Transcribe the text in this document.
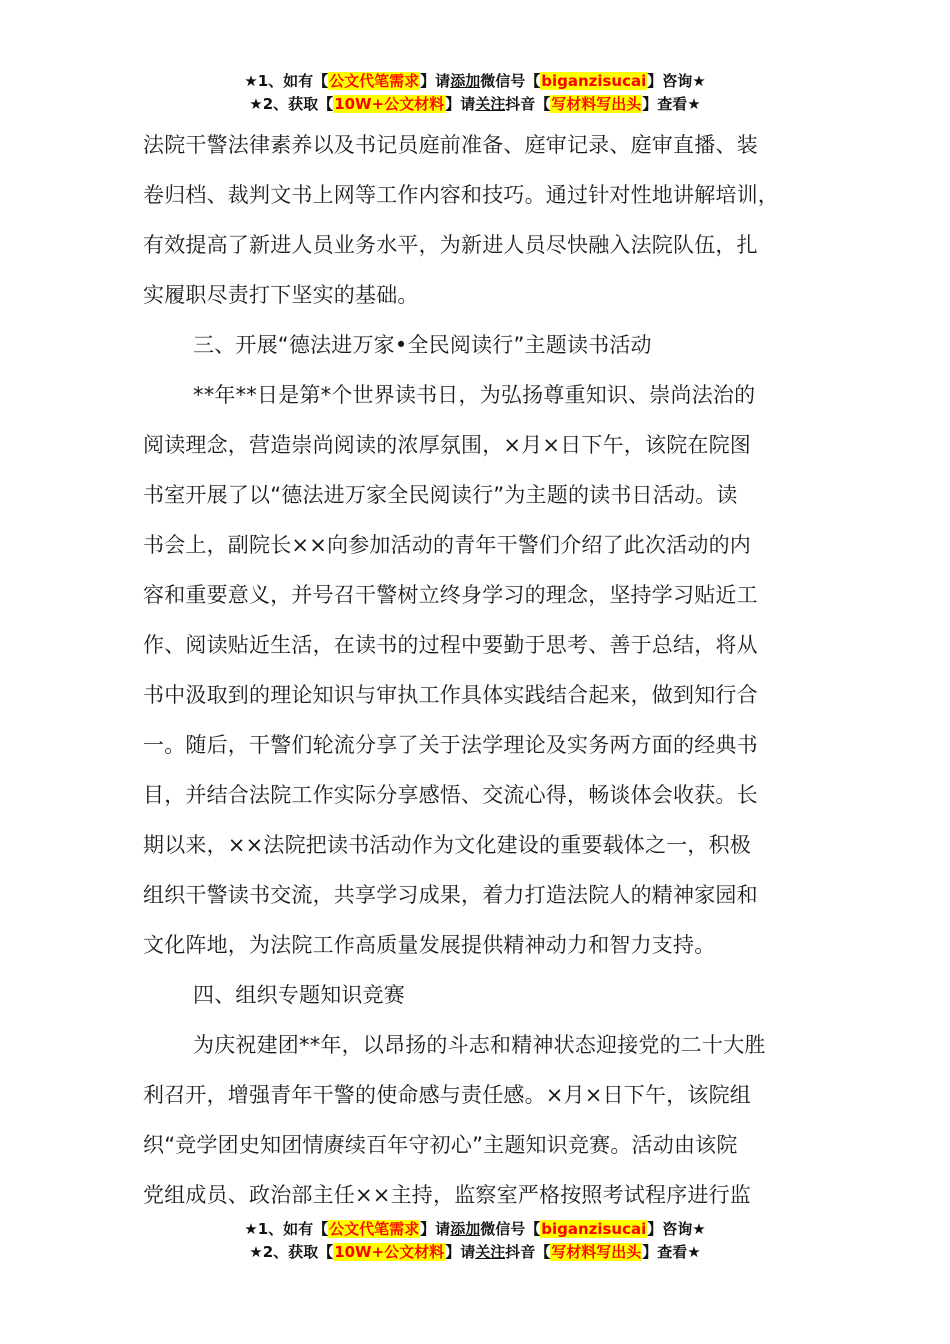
★1、如有【公文代笔需求】请添加微信号【biganzisucai】咨询★
★2、获取【10W+公文材料】请关注抖音【写材料写出头】查看★
法院干警法律素养以及书记员庭前准备、庭审记录、庭审直播、装
卷归档、裁判文书上网等工作内容和技巧。通过针对性地讲解培训，
有效提高了新进人员业务水平，为新进人员尽快融入法院队伍，扎
实履职尽责打下坚实的基础。
三、开展“德法进万家•全民阅读行”主题读书活动
**年**日是第*个世界读书日，为弘扬尊重知识、崇尚法治的
阅读理念，营造崇尚阅读的浓厚氛围，×月×日下午，该院在院图
书室开展了以“德法进万家全民阅读行”为主题的读书日活动。读
书会上，副院长××向参加活动的青年干警们介绍了此次活动的内
容和重要意义，并号召干警树立终身学习的理念，坚持学习贴近工
作、阅读贴近生活，在读书的过程中要勤于思考、善于总结，将从
书中汲取到的理论知识与审执工作具体实践结合起来，做到知行合
一。随后，干警们轮流分享了关于法学理论及实务两方面的经典书
目，并结合法院工作实际分享感悟、交流心得，畅谈体会收获。长
期以来，××法院把读书活动作为文化建设的重要载体之一，积极
组织干警读书交流，共享学习成果，着力打造法院人的精神家园和
文化阵地，为法院工作高质量发展提供精神动力和智力支持。
四、组织专题知识竞赛
为庆祝建团**年，以昂扬的斗志和精神状态迎接党的二十大胜
利召开，增强青年干警的使命感与责任感。×月×日下午，该院组
织“竞学团史知团情赓续百年守初心”主题知识竞赛。活动由该院
党组成员、政治部主任××主持，监察室严格按照考试程序进行监
★1、如有【公文代笔需求】请添加微信号【biganzisucai】咨询★
★2、获取【10W+公文材料】请关注抖音【写材料写出头】查看★
